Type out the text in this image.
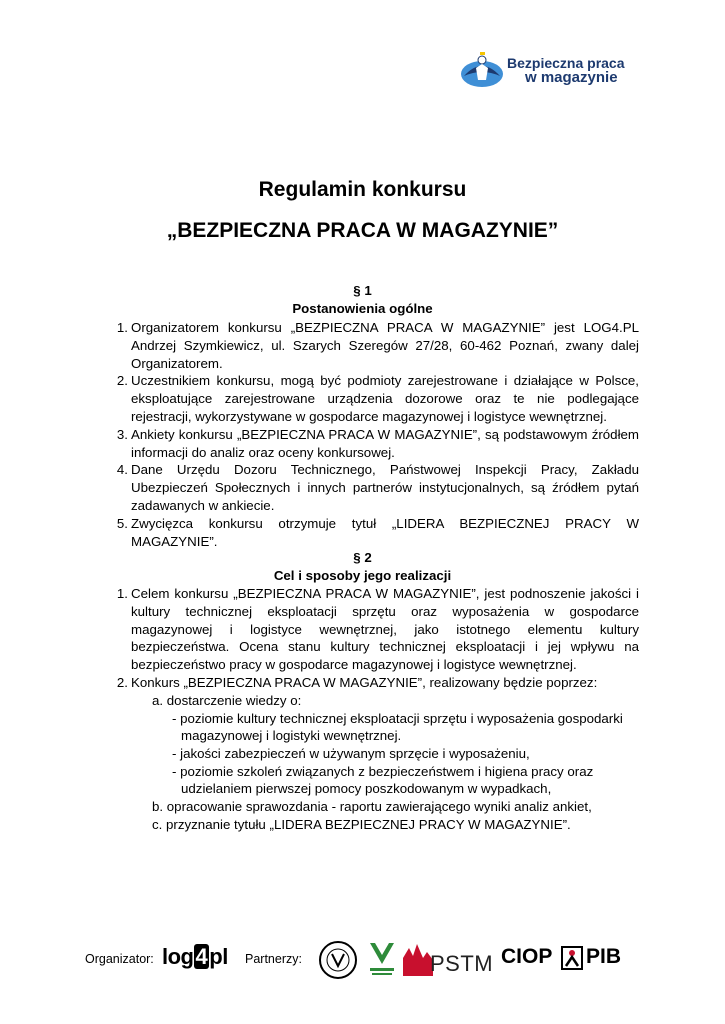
Bezpieczna praca
w magazynie
Regulamin konkursu
„BEZPIECZNA PRACA W MAGAZYNIE”
§ 1
Postanowienia ogólne
1. Organizatorem konkursu „BEZPIECZNA PRACA W MAGAZYNIE” jest LOG4.PL Andrzej Szymkiewicz, ul. Szarych Szeregów 27/28, 60-462 Poznań, zwany dalej Organizatorem.
2. Uczestnikiem konkursu, mogą być podmioty zarejestrowane i działające w Polsce, eksploatujące zarejestrowane urządzenia dozorowe oraz te nie podlegające rejestracji, wykorzystywane w gospodarce magazynowej i logistyce wewnętrznej.
3. Ankiety konkursu „BEZPIECZNA PRACA W MAGAZYNIE”, są podstawowym źródłem informacji do analiz oraz oceny konkursowej.
4. Dane Urzędu Dozoru Technicznego, Państwowej Inspekcji Pracy, Zakładu Ubezpieczeń Społecznych i innych partnerów instytucjonalnych, są źródłem pytań zadawanych w ankiecie.
5. Zwycięzca konkursu otrzymuje tytuł „LIDERA BEZPIECZNEJ PRACY W MAGAZYNIE”.
§ 2
Cel i sposoby jego realizacji
1. Celem konkursu „BEZPIECZNA PRACA W MAGAZYNIE”, jest podnoszenie jakości i kultury technicznej eksploatacji sprzętu oraz wyposażenia w gospodarce magazynowej i logistyce wewnętrznej, jako istotnego elementu kultury bezpieczeństwa. Ocena stanu kultury technicznej eksploatacji i jej wpływu na bezpieczeństwo pracy w gospodarce magazynowej i logistyce wewnętrznej.
2. Konkurs „BEZPIECZNA PRACA W MAGAZYNIE”, realizowany będzie poprzez:
a. dostarczenie wiedzy o:
- poziomie kultury technicznej eksploatacji sprzętu i wyposażenia gospodarki
magazynowej i logistyki wewnętrznej.
- jakości zabezpieczeń w używanym sprzęcie i wyposażeniu,
- poziomie szkoleń związanych z bezpieczeństwem i higiena pracy oraz
udzielaniem pierwszej pomocy poszkodowanym w wypadkach,
b. opracowanie sprawozdania - raportu zawierającego wyniki analiz ankiet,
c. przyznanie tytułu „LIDERA BEZPIECZNEJ PRACY W MAGAZYNIE”.
Organizator: log4pl Partnerzy:	PSTM CIOP PIB
